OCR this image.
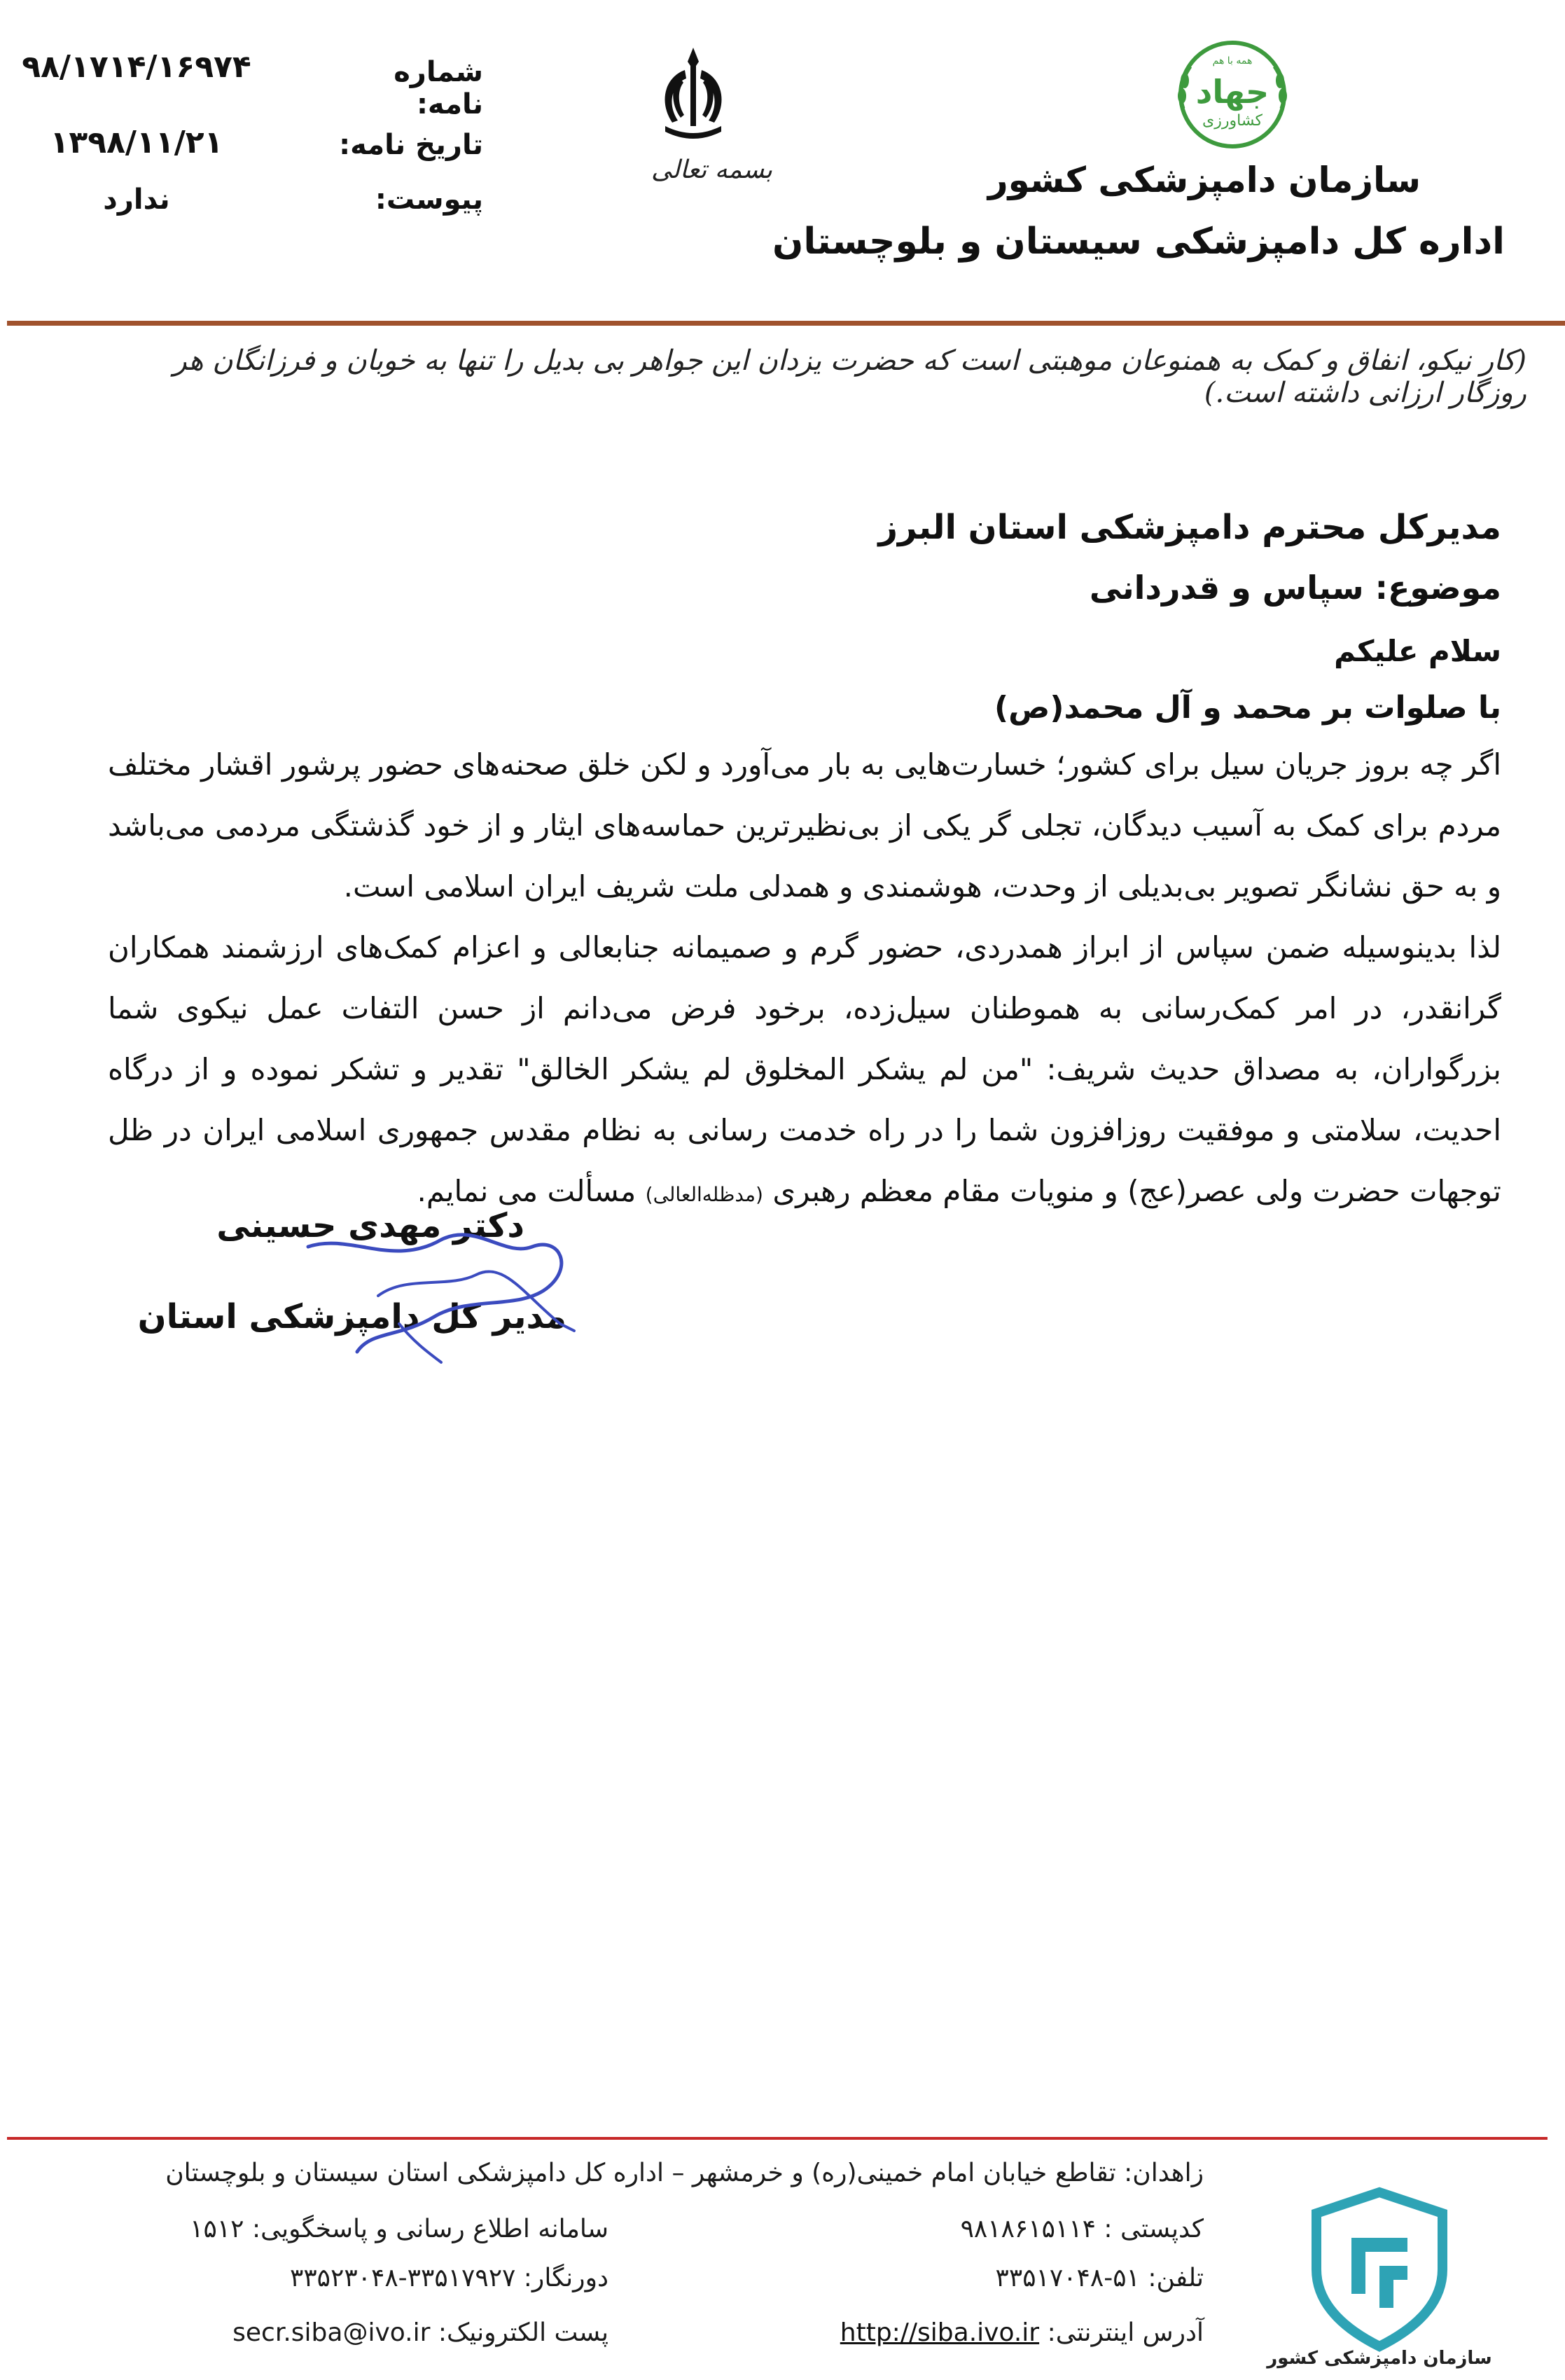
۹۸/۱۷۱۴/۱۶۹۷۴	شماره نامه:
۱۳۹۸/۱۱/۲۱	تاریخ نامه:
ندارد	پیوست:
بسمه تعالی
همه با هم
جهاد
کشاورزی
سازمان دامپزشکی کشور
اداره کل دامپزشکی سیستان و بلوچستان
(کار نیکو، انفاق و کمک به همنوعان موهبتی است که حضرت یزدان این جواهر بی بدیل را تنها به خوبان و فرزانگان هر روزگار ارزانی داشته است.)
مدیرکل محترم دامپزشکی استان البرز
موضوع: سپاس و قدردانی
سلام علیکم
با صلوات بر محمد و آل محمد(ص)

اگر چه بروز جریان سیل برای کشور؛ خسارت‌هایی به بار می‌آورد و لکن خلق صحنه‌های حضور پرشور اقشار مختلف مردم برای کمک به آسیب دیدگان، تجلی گر یکی از بی‌نظیرترین حماسه‌های ایثار و از خود گذشتگی مردمی می‌باشد و به حق نشانگر تصویر بی‌بدیلی از وحدت، هوشمندی و همدلی ملت شریف ایران اسلامی است.

لذا بدینوسیله ضمن سپاس از ابراز همدردی، حضور گرم و صمیمانه جنابعالی و اعزام کمک‌های ارزشمند همکاران گرانقدر، در امر کمک‌رسانی به هموطنان سیل‌زده، برخود فرض می‌دانم از حسن التفات عمل نیکوی شما بزرگواران، به مصداق حدیث شریف: "من لم یشکر المخلوق لم یشکر الخالق" تقدیر و تشکر نموده و از درگاه احدیت، سلامتی و موفقیت روزافزون شما را در راه خدمت رسانی به نظام مقدس جمهوری اسلامی ایران در ظل توجهات حضرت ولی عصر(عج) و منویات مقام معظم رهبری (مدظله‌العالی) مسألت می نمایم.

دکتر مهدی حسینی
مدیر کل دامپزشکی استان
زاهدان: تقاطع خیابان امام خمینی(ره) و خرمشهر – اداره کل دامپزشکی استان سیستان و بلوچستان
کدپستی : ۹۸۱۸۶۱۵۱۱۴
سامانه اطلاع رسانی و پاسخگویی: ۱۵۱۲
تلفن: ۵۱-۳۳۵۱۷۰۴۸
دورنگار: ۳۳۵۱۷۹۲۷-۳۳۵۲۳۰۴۸
آدرس اینترنتی: http://siba.ivo.ir
پست الکترونیک: secr.siba@ivo.ir
سازمان دامپزشکی کشور
